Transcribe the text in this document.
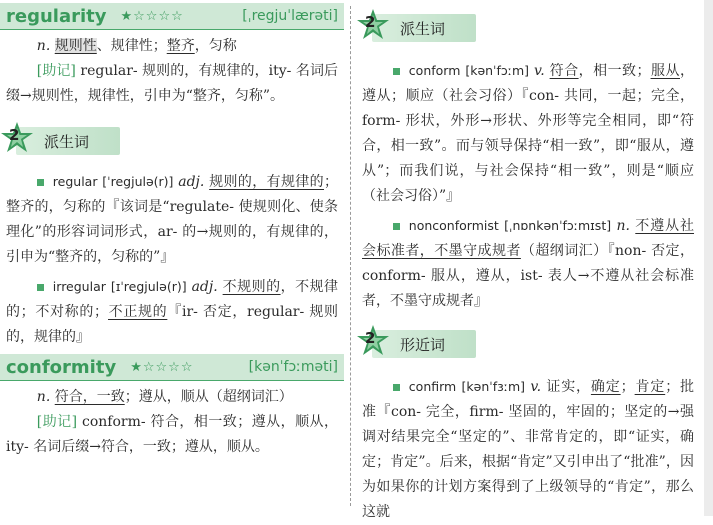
regularity ★☆☆☆☆	[ˌregjuˈlærəti]

n. 规则性、规律性；整齐，匀称

[助记] regular- 规则的，有规律的，ity- 名词后缀→规则性，规律性，引申为“整齐，匀称”。

2 派生词

regular [ˈregjulə(r)] adj. 规则的，有规律的；整齐的，匀称的『该词是“regulate- 使规则化、使条理化”的形容词词形式，ar- 的→规则的，有规律的，引申为“整齐的，匀称的”』

irregular [ɪˈregjulə(r)] adj. 不规则的，不规律的；不对称的；不正规的『ir- 否定，regular- 规则的，规律的』

conformity ★☆☆☆☆	[kənˈfɔːməti]

n. 符合，一致；遵从，顺从（超纲词汇）

[助记] conform- 符合，相一致；遵从，顺从，ity- 名词后缀→符合，一致；遵从，顺从。

2 派生词

conform [kənˈfɔːm] v. 符合，相一致；服从，遵从；顺应（社会习俗）『con- 共同，一起；完全，form- 形状，外形→形状、外形等完全相同，即“符合，相一致”。而与领导保持“相一致”，即“服从，遵从”；而我们说，与社会保持“相一致”，则是“顺应（社会习俗）”』

nonconformist [ˌnɒnkənˈfɔːmɪst] n. 不遵从社会标准者，不墨守成规者（超纲词汇）『non- 否定，conform- 服从，遵从，ist- 表人→不遵从社会标准者，不墨守成规者』

2 形近词

confirm [kənˈfɜːm] v. 证实，确定；肯定；批准『con- 完全，firm- 坚固的，牢固的；坚定的→强调对结果完全“坚定的”、非常肯定的，即“证实，确定；肯定”。后来，根据“肯定”又引申出了“批准”，因为如果你的计划方案得到了上级领导的“肯定”，那么这就
